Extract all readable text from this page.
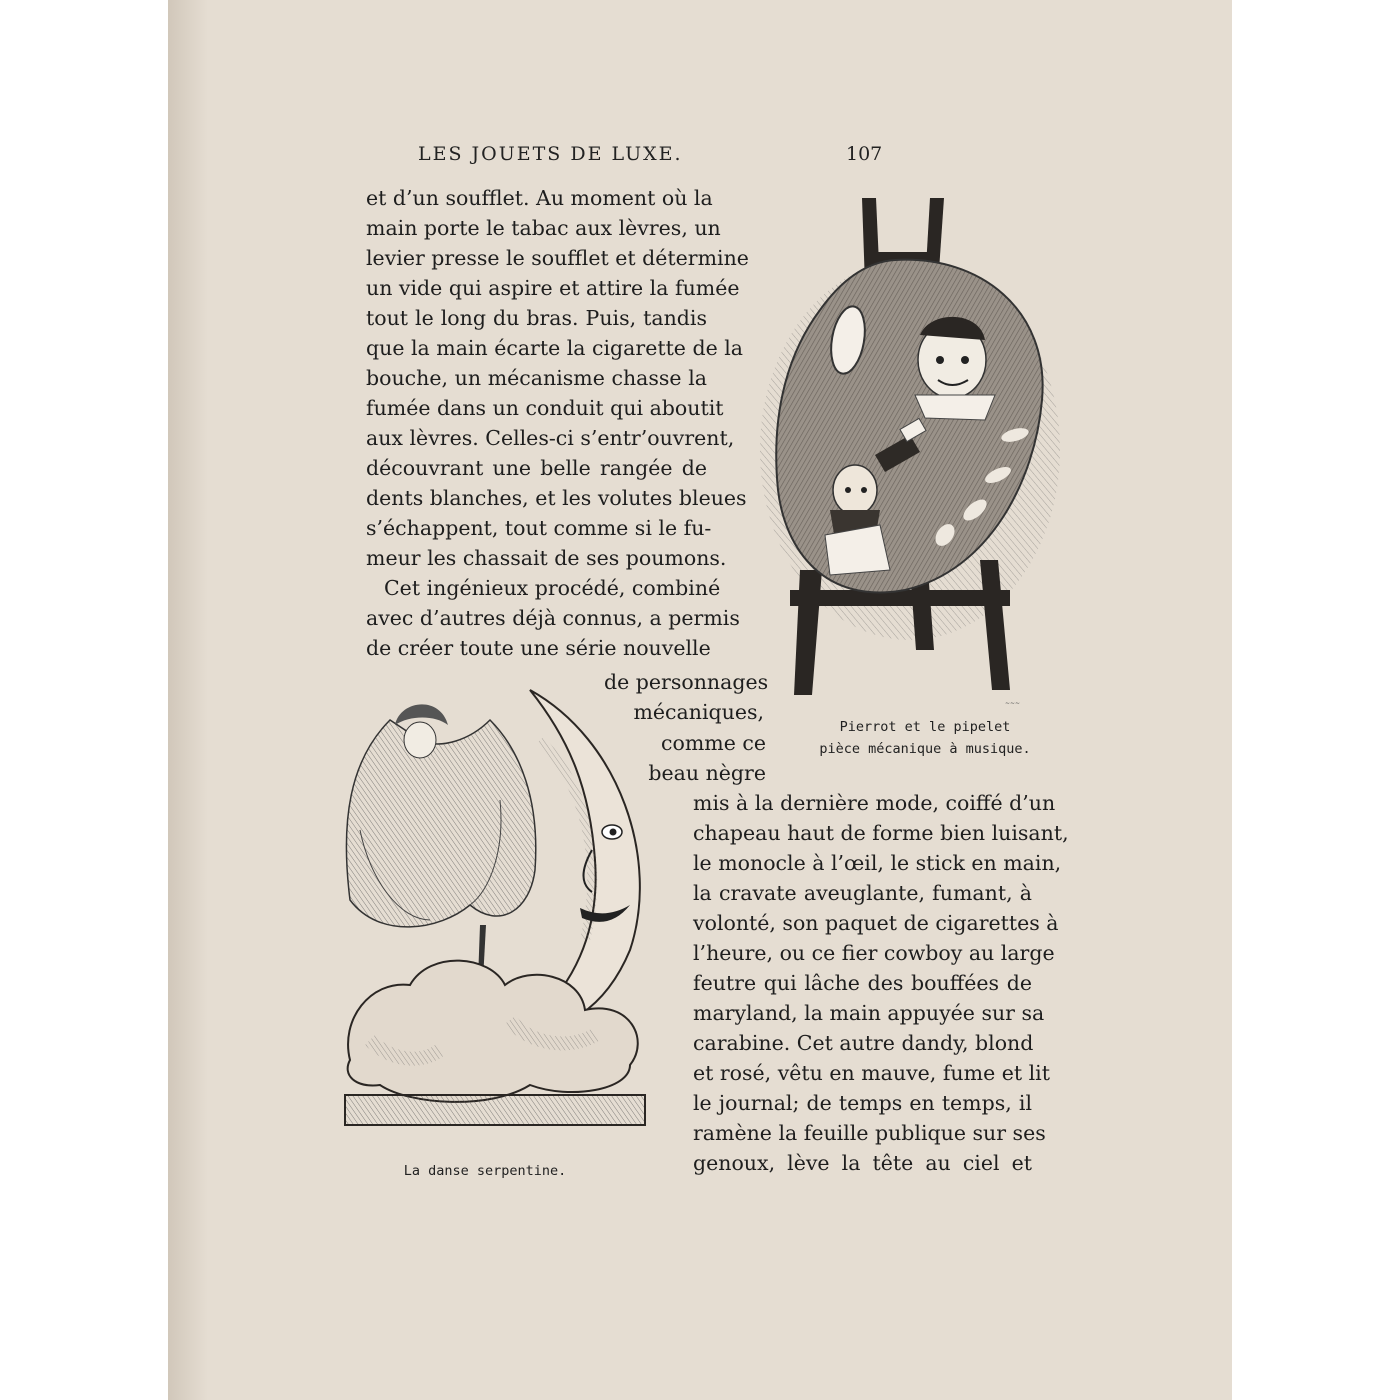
LES JOUETS DE LUXE.	107
et d’un soufflet. Au moment où la
main porte le tabac aux lèvres, un
levier presse le soufflet et détermine
un vide qui aspire et attire la fumée
tout le long du bras. Puis, tandis
que la main écarte la cigarette de la
bouche, un mécanisme chasse la
fumée dans un conduit qui aboutit
aux lèvres. Celles-ci s’entr’ouvrent,
découvrant une belle rangée de
dents blanches, et les volutes bleues
s’échappent, tout comme si le fu-
meur les chassait de ses poumons.
Cet ingénieux procédé, combiné
avec d’autres déjà connus, a permis
de créer toute une série nouvelle
de personnages
mécaniques,
comme ce
beau nègre
mis à la dernière mode, coiffé d’un
chapeau haut de forme bien luisant,
le monocle à l’œil, le stick en main,
la cravate aveuglante, fumant, à
volonté, son paquet de cigarettes à
l’heure, ou ce fier cowboy au large
feutre qui lâche des bouffées de
maryland, la main appuyée sur sa
carabine. Cet autre dandy, blond
et rosé, vêtu en mauve, fume et lit
le journal; de temps en temps, il
ramène la feuille publique sur ses
genoux, lève la tête au ciel et
~~~
Pierrot et le pipelet
pièce mécanique à musique.
La danse serpentine.
